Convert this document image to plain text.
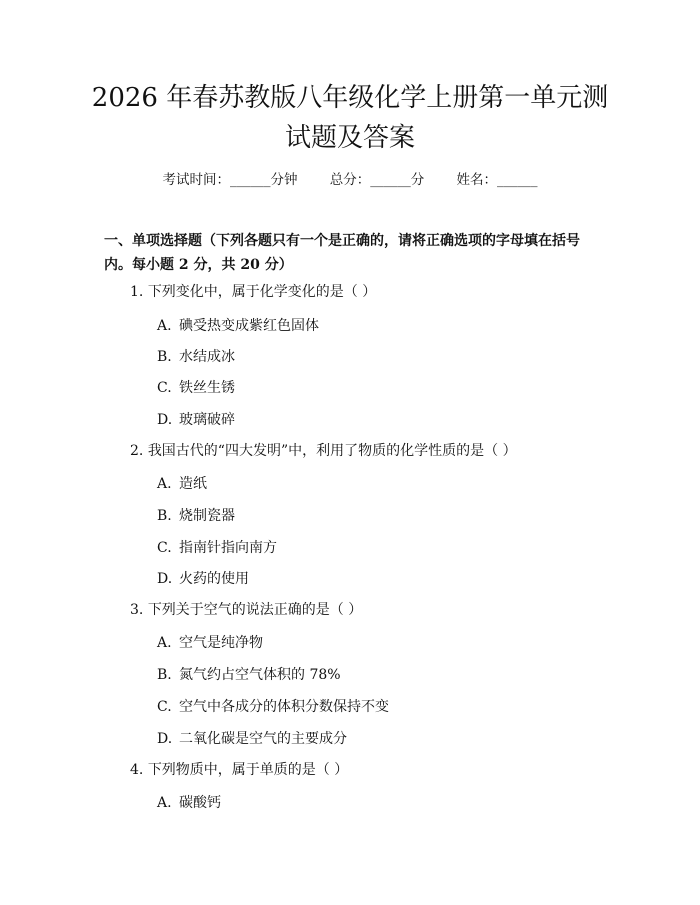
2026 年春苏教版八年级化学上册第一单元测
试题及答案
考试时间：______分钟 总分：______分 姓名：______
一、单项选择题（下列各题只有一个是正确的，请将正确选项的字母填在括号内。每小题 2 分，共 20 分）
1. 下列变化中，属于化学变化的是（ ）
A. 碘受热变成紫红色固体
B. 水结成冰
C. 铁丝生锈
D. 玻璃破碎
2. 我国古代的“四大发明”中，利用了物质的化学性质的是（ ）
A. 造纸
B. 烧制瓷器
C. 指南针指向南方
D. 火药的使用
3. 下列关于空气的说法正确的是（ ）
A. 空气是纯净物
B. 氮气约占空气体积的 78%
C. 空气中各成分的体积分数保持不变
D. 二氧化碳是空气的主要成分
4. 下列物质中，属于单质的是（ ）
A. 碳酸钙
